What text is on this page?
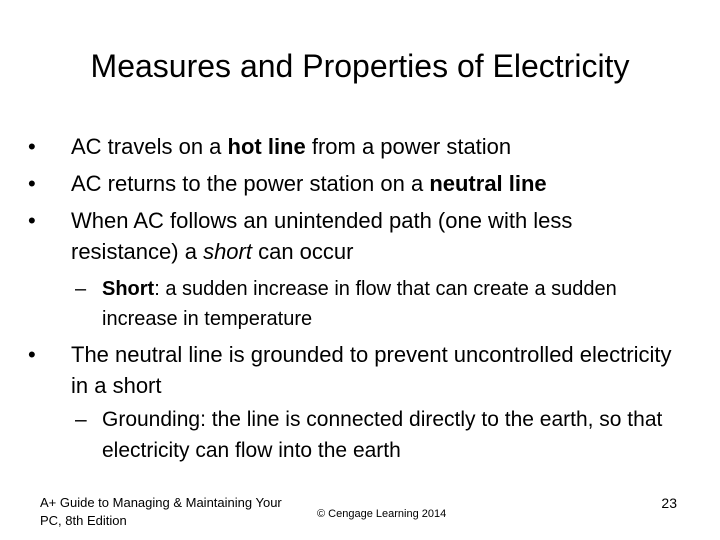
Measures and Properties of Electricity
•	AC travels on a hot line from a power station
•	AC returns to the power station on a neutral line
•	When AC follows an unintended path (one with less resistance) a short can occur
– Short: a sudden increase in flow that can create a sudden increase in temperature
•	The neutral line is grounded to prevent uncontrolled electricity in a short
– Grounding: the line is connected directly to the earth, so that electricity can flow into the earth
A+ Guide to Managing & Maintaining Your PC, 8th Edition	© Cengage Learning 2014
23
